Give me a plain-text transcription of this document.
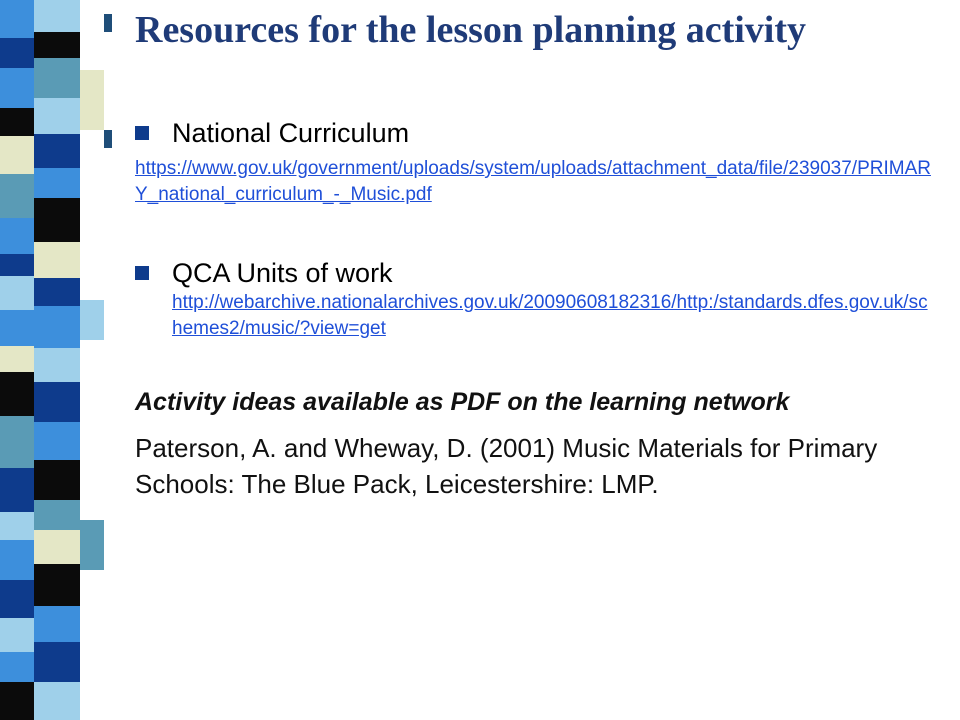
Resources for the lesson planning activity
National Curriculum
https://www.gov.uk/government/uploads/system/uploads/attachment_data/file/239037/PRIMARY_national_curriculum_-_Music.pdf
QCA Units of work
http://webarchive.nationalarchives.gov.uk/20090608182316/http:/standards.dfes.gov.uk/schemes2/music/?view=get
Activity ideas available as PDF on the learning network
Paterson, A. and Wheway, D. (2001) Music Materials for Primary Schools: The Blue Pack, Leicestershire: LMP.
